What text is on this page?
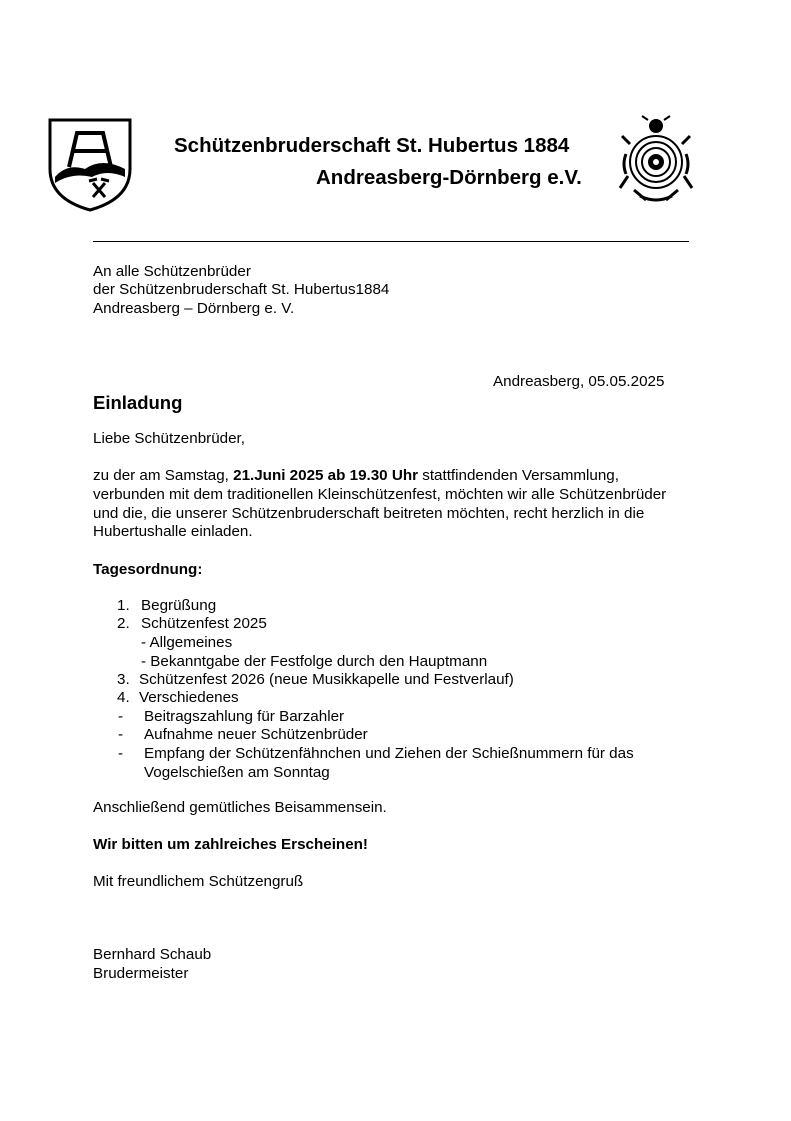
Schützenbruderschaft St. Hubertus 1884
Andreasberg-Dörnberg e.V.
An alle Schützenbrüder
der Schützenbruderschaft St. Hubertus1884
Andreasberg – Dörnberg e. V.
Andreasberg, 05.05.2025
Einladung
Liebe Schützenbrüder,
zu der am Samstag, 21.Juni 2025 ab 19.30 Uhr stattfindenden Versammlung,
verbunden mit dem traditionellen Kleinschützenfest, möchten wir alle Schützenbrüder
und die, die unserer Schützenbruderschaft beitreten möchten, recht herzlich in die
Hubertushalle einladen.
Tagesordnung:
1. Begrüßung
2. Schützenfest 2025
- Allgemeines
- Bekanntgabe der Festfolge durch den Hauptmann
3. Schützenfest 2026 (neue Musikkapelle und Festverlauf)
4. Verschiedenes
- Beitragszahlung für Barzahler
- Aufnahme neuer Schützenbrüder
- Empfang der Schützenfähnchen und Ziehen der Schießnummern für das
Vogelschießen am Sonntag
Anschließend gemütliches Beisammensein.
Wir bitten um zahlreiches Erscheinen!
Mit freundlichem Schützengruß
Bernhard Schaub
Brudermeister
